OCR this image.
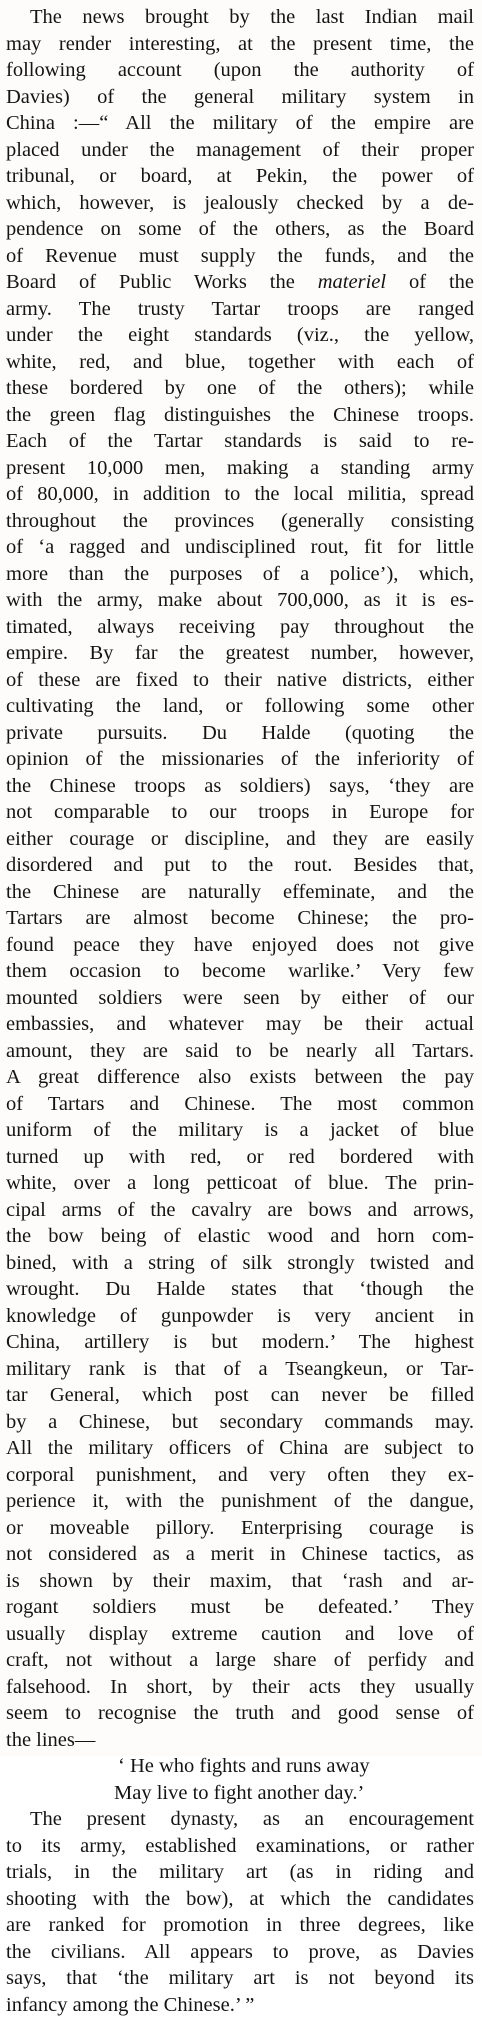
The news brought by the last Indian mail
may render interesting, at the present time, the
following account (upon the authority of
Davies) of the general military system in
China :—“ All the military of the empire are
placed under the management of their proper
tribunal, or board, at Pekin, the power of
which, however, is jealously checked by a de-
pendence on some of the others, as the Board
of Revenue must supply the funds, and the
Board of Public Works the materiel of the
army. The trusty Tartar troops are ranged
under the eight standards (viz., the yellow,
white, red, and blue, together with each of
these bordered by one of the others); while
the green flag distinguishes the Chinese troops.
Each of the Tartar standards is said to re-
present 10,000 men, making a standing army
of 80,000, in addition to the local militia, spread
throughout the provinces (generally consisting
of ‘a ragged and undisciplined rout, fit for little
more than the purposes of a police’), which,
with the army, make about 700,000, as it is es-
timated, always receiving pay throughout the
empire. By far the greatest number, however,
of these are fixed to their native districts, either
cultivating the land, or following some other
private pursuits. Du Halde (quoting the
opinion of the missionaries of the inferiority of
the Chinese troops as soldiers) says, ‘they are
not comparable to our troops in Europe for
either courage or discipline, and they are easily
disordered and put to the rout. Besides that,
the Chinese are naturally effeminate, and the
Tartars are almost become Chinese; the pro-
found peace they have enjoyed does not give
them occasion to become warlike.’ Very few
mounted soldiers were seen by either of our
embassies, and whatever may be their actual
amount, they are said to be nearly all Tartars.
A great difference also exists between the pay
of Tartars and Chinese. The most common
uniform of the military is a jacket of blue
turned up with red, or red bordered with
white, over a long petticoat of blue. The prin-
cipal arms of the cavalry are bows and arrows,
the bow being of elastic wood and horn com-
bined, with a string of silk strongly twisted and
wrought. Du Halde states that ‘though the
knowledge of gunpowder is very ancient in
China, artillery is but modern.’ The highest
military rank is that of a Tseangkeun, or Tar-
tar General, which post can never be filled
by a Chinese, but secondary commands may.
All the military officers of China are subject to
corporal punishment, and very often they ex-
perience it, with the punishment of the dangue,
or moveable pillory. Enterprising courage is
not considered as a merit in Chinese tactics, as
is shown by their maxim, that ‘rash and ar-
rogant soldiers must be defeated.’ They
usually display extreme caution and love of
craft, not without a large share of perfidy and
falsehood. In short, by their acts they usually
seem to recognise the truth and good sense of
the lines—
‘ He who fights and runs away
May live to fight another day.’
The present dynasty, as an encouragement
to its army, established examinations, or rather
trials, in the military art (as in riding and
shooting with the bow), at which the candidates
are ranked for promotion in three degrees, like
the civilians. All appears to prove, as Davies
says, that ‘the military art is not beyond its
infancy among the Chinese.’ ”
